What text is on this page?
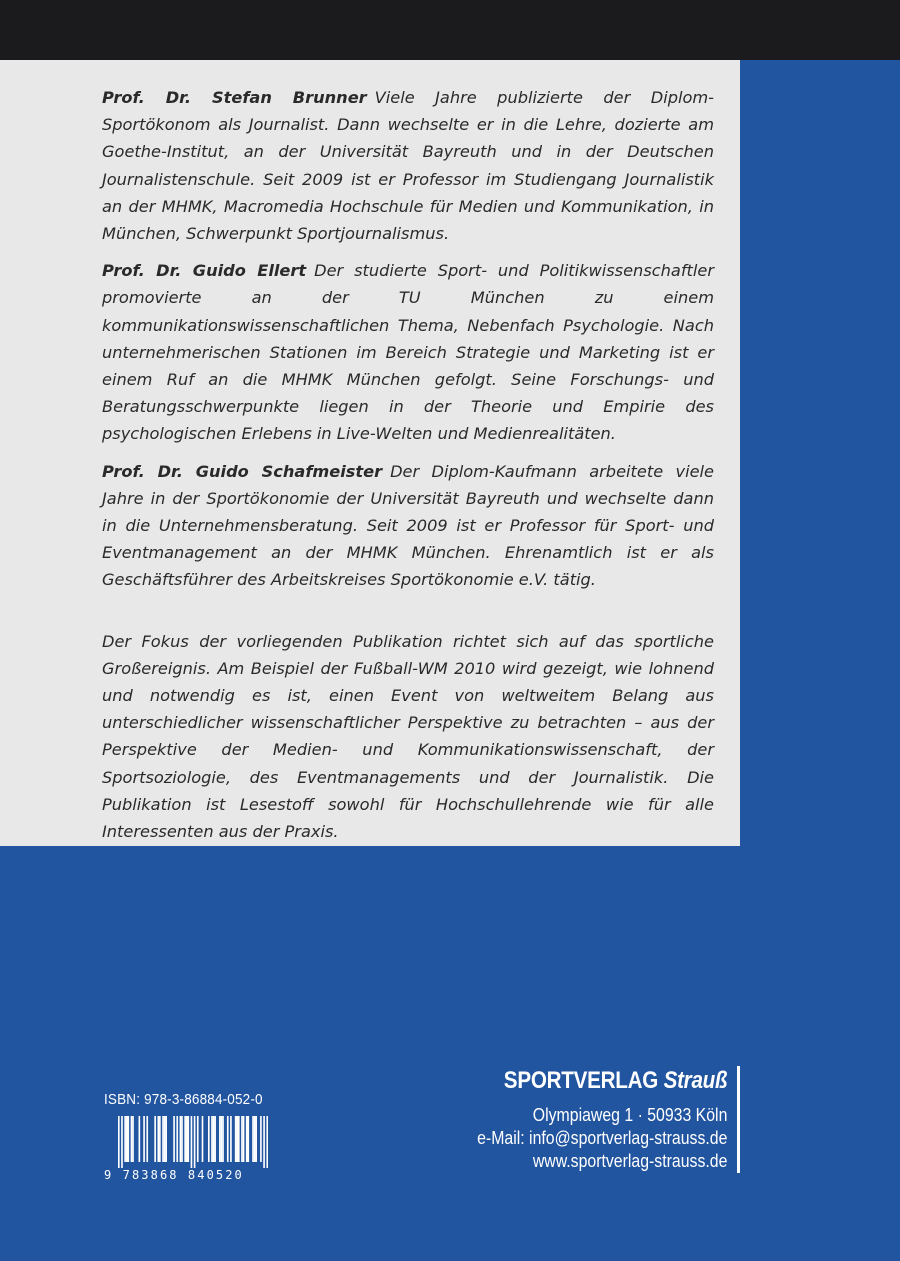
Prof. Dr. Stefan Brunner Viele Jahre publizierte der Diplom-Sportökonom als Journalist. Dann wechselte er in die Lehre, dozierte am Goethe-Institut, an der Universität Bayreuth und in der Deutschen Journalistenschule. Seit 2009 ist er Professor im Studiengang Journalistik an der MHMK, Macromedia Hochschule für Medien und Kommunikation, in München, Schwerpunkt Sportjournalismus.

Prof. Dr. Guido Ellert Der studierte Sport- und Politikwissenschaftler promovierte an der TU München zu einem kommunikationswissenschaftlichen Thema, Nebenfach Psychologie. Nach unternehmerischen Stationen im Bereich Strategie und Marketing ist er einem Ruf an die MHMK München gefolgt. Seine Forschungs- und Beratungsschwerpunkte liegen in der Theorie und Empirie des psychologischen Erlebens in Live-Welten und Medienrealitäten.

Prof. Dr. Guido Schafmeister Der Diplom-Kaufmann arbeitete viele Jahre in der Sportökonomie der Universität Bayreuth und wechselte dann in die Unternehmensberatung. Seit 2009 ist er Professor für Sport- und Eventmanagement an der MHMK München. Ehrenamtlich ist er als Geschäftsführer des Arbeitskreises Sportökonomie e.V. tätig.

Der Fokus der vorliegenden Publikation richtet sich auf das sportliche Großereignis. Am Beispiel der Fußball-WM 2010 wird gezeigt, wie lohnend und notwendig es ist, einen Event von weltweitem Belang aus unterschiedlicher wissenschaftlicher Perspektive zu betrachten – aus der Perspektive der Medien- und Kommunikationswissenschaft, der Sportsoziologie, des Eventmanagements und der Journalistik. Die Publikation ist Lesestoff sowohl für Hochschullehrende wie für alle Interessenten aus der Praxis.

ISBN: 978-3-86884-052-0
9 783868 840520
SPORTVERLAG Strauß
Olympiaweg 1 · 50933 Köln
e-Mail: info@sportverlag-strauss.de
www.sportverlag-strauss.de
